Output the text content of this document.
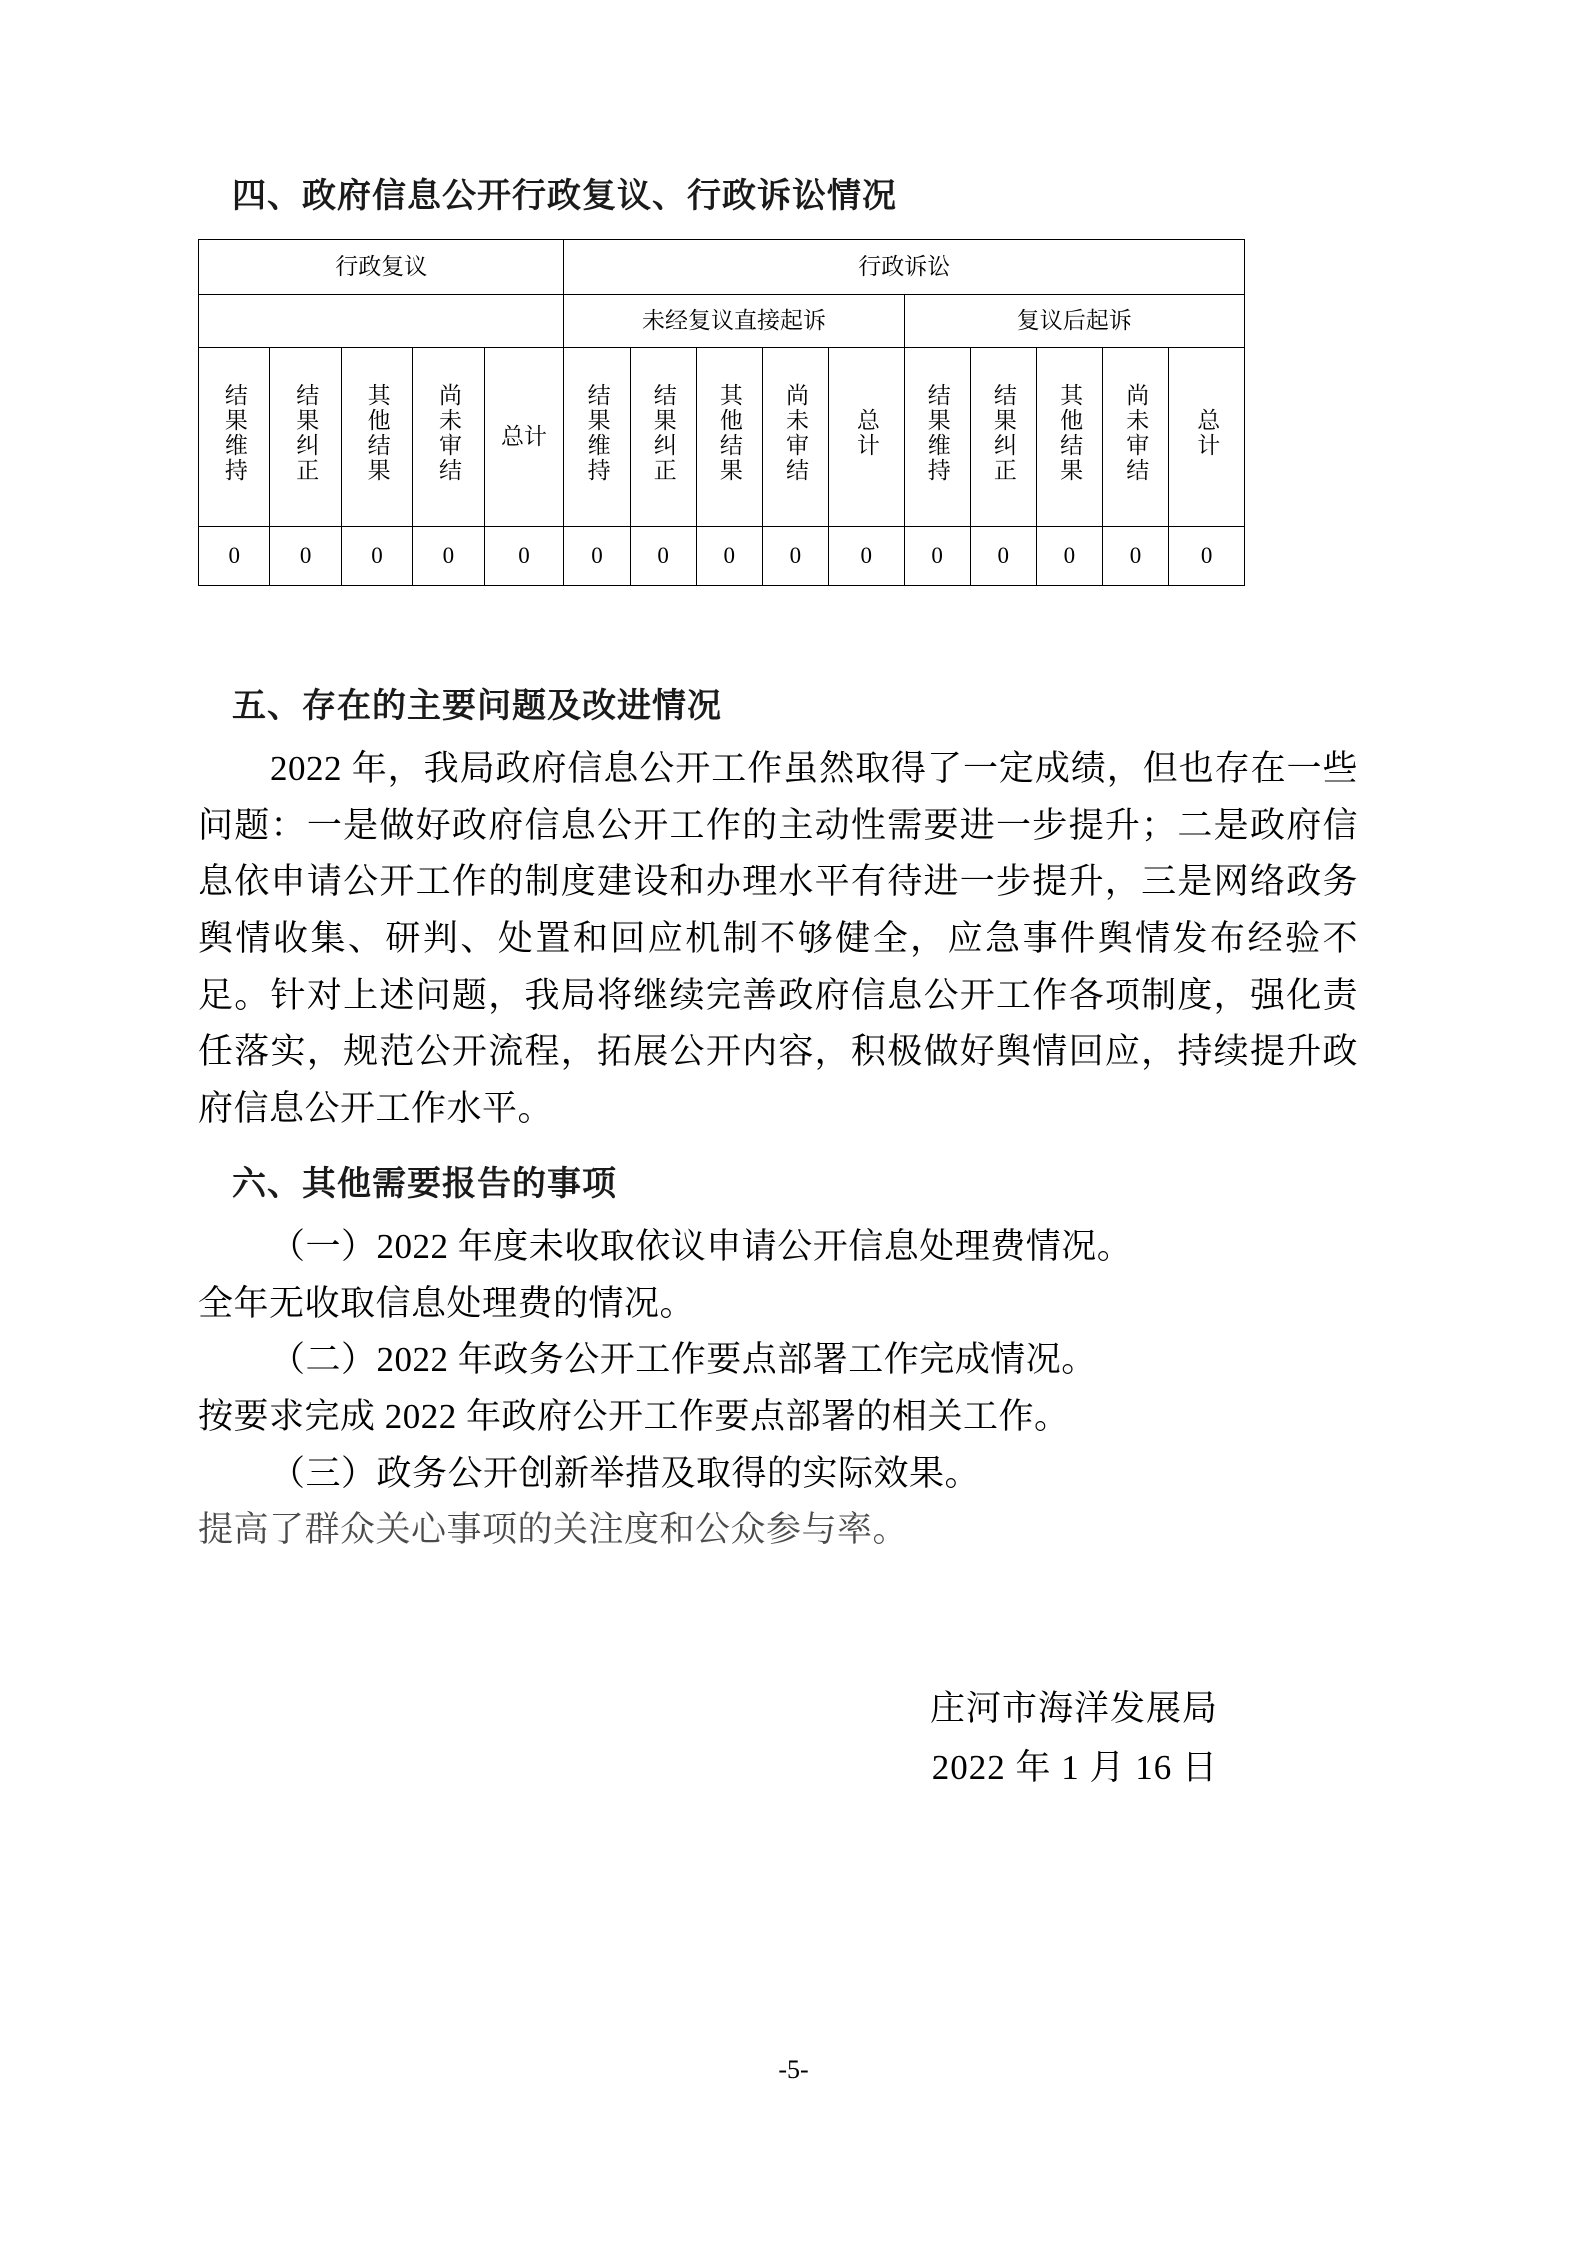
四、政府信息公开行政复议、行政诉讼情况
行政复议					行政诉讼									
					未经复议直接起诉					复议后起诉				
结果维持	结果纠正	其他结果	尚未审结	总计	结果维持	结果纠正	其他结果	尚未审结	总计	结果维持	结果纠正	其他结果	尚未审结	总计
0	0	0	0	0	0	0	0	0	0	0	0	0	0	0
五、存在的主要问题及改进情况

2022 年，我局政府信息公开工作虽然取得了一定成绩，但也存在一些问题：一是做好政府信息公开工作的主动性需要进一步提升；二是政府信息依申请公开工作的制度建设和办理水平有待进一步提升，三是网络政务舆情收集、研判、处置和回应机制不够健全，应急事件舆情发布经验不足。针对上述问题，我局将继续完善政府信息公开工作各项制度，强化责任落实，规范公开流程，拓展公开内容，积极做好舆情回应，持续提升政府信息公开工作水平。

六、其他需要报告的事项

（一）2022 年度未收取依议申请公开信息处理费情况。

全年无收取信息处理费的情况。

（二）2022 年政务公开工作要点部署工作完成情况。

按要求完成 2022 年政府公开工作要点部署的相关工作。

（三）政务公开创新举措及取得的实际效果。

提高了群众关心事项的关注度和公众参与率。

庄河市海洋发展局
2022 年 1 月 16 日
-5-
